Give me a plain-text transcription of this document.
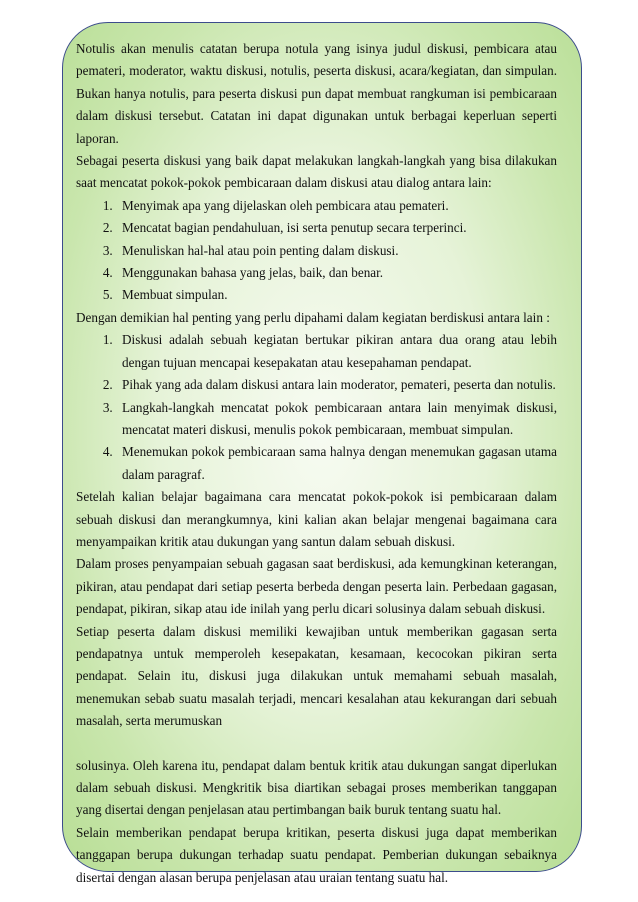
Notulis akan menulis catatan berupa notula yang isinya judul diskusi, pembicara atau pemateri, moderator, waktu diskusi, notulis, peserta diskusi, acara/kegiatan, dan simpulan. Bukan hanya notulis, para peserta diskusi pun dapat membuat rangkuman isi pembicaraan dalam diskusi tersebut. Catatan ini dapat digunakan untuk berbagai keperluan seperti laporan.

Sebagai peserta diskusi yang baik dapat melakukan langkah-langkah yang bisa dilakukan saat mencatat pokok-pokok pembicaraan dalam diskusi atau dialog antara lain:

1. Menyimak apa yang dijelaskan oleh pembicara atau pemateri.
2. Mencatat bagian pendahuluan, isi serta penutup secara terperinci.
3. Menuliskan hal-hal atau poin penting dalam diskusi.
4. Menggunakan bahasa yang jelas, baik, dan benar.
5. Membuat simpulan.

Dengan demikian hal penting yang perlu dipahami dalam kegiatan berdiskusi antara lain :

1. Diskusi adalah sebuah kegiatan bertukar pikiran antara dua orang atau lebih dengan tujuan mencapai kesepakatan atau kesepahaman pendapat.
2. Pihak yang ada dalam diskusi antara lain moderator, pemateri, peserta dan notulis.
3. Langkah-langkah mencatat pokok pembicaraan antara lain menyimak diskusi, mencatat materi diskusi, menulis pokok pembicaraan, membuat simpulan.
4. Menemukan pokok pembicaraan sama halnya dengan menemukan gagasan utama dalam paragraf.

Setelah kalian belajar bagaimana cara mencatat pokok-pokok isi pembicaraan dalam sebuah diskusi dan merangkumnya, kini kalian akan belajar mengenai bagaimana cara menyampaikan kritik atau dukungan yang santun dalam sebuah diskusi.

Dalam proses penyampaian sebuah gagasan saat berdiskusi, ada kemungkinan keterangan, pikiran, atau pendapat dari setiap peserta berbeda dengan peserta lain. Perbedaan gagasan, pendapat, pikiran, sikap atau ide inilah yang perlu dicari solusinya dalam sebuah diskusi.

Setiap peserta dalam diskusi memiliki kewajiban untuk memberikan gagasan serta pendapatnya untuk memperoleh kesepakatan, kesamaan, kecocokan pikiran serta pendapat. Selain itu, diskusi juga dilakukan untuk memahami sebuah masalah, menemukan sebab suatu masalah terjadi, mencari kesalahan atau kekurangan dari sebuah masalah, serta merumuskan

solusinya. Oleh karena itu, pendapat dalam bentuk kritik atau dukungan sangat diperlukan dalam sebuah diskusi. Mengkritik bisa diartikan sebagai proses memberikan tanggapan yang disertai dengan penjelasan atau pertimbangan baik buruk tentang suatu hal.

Selain memberikan pendapat berupa kritikan, peserta diskusi juga dapat memberikan tanggapan berupa dukungan terhadap suatu pendapat. Pemberian dukungan sebaiknya disertai dengan alasan berupa penjelasan atau uraian tentang suatu hal.
